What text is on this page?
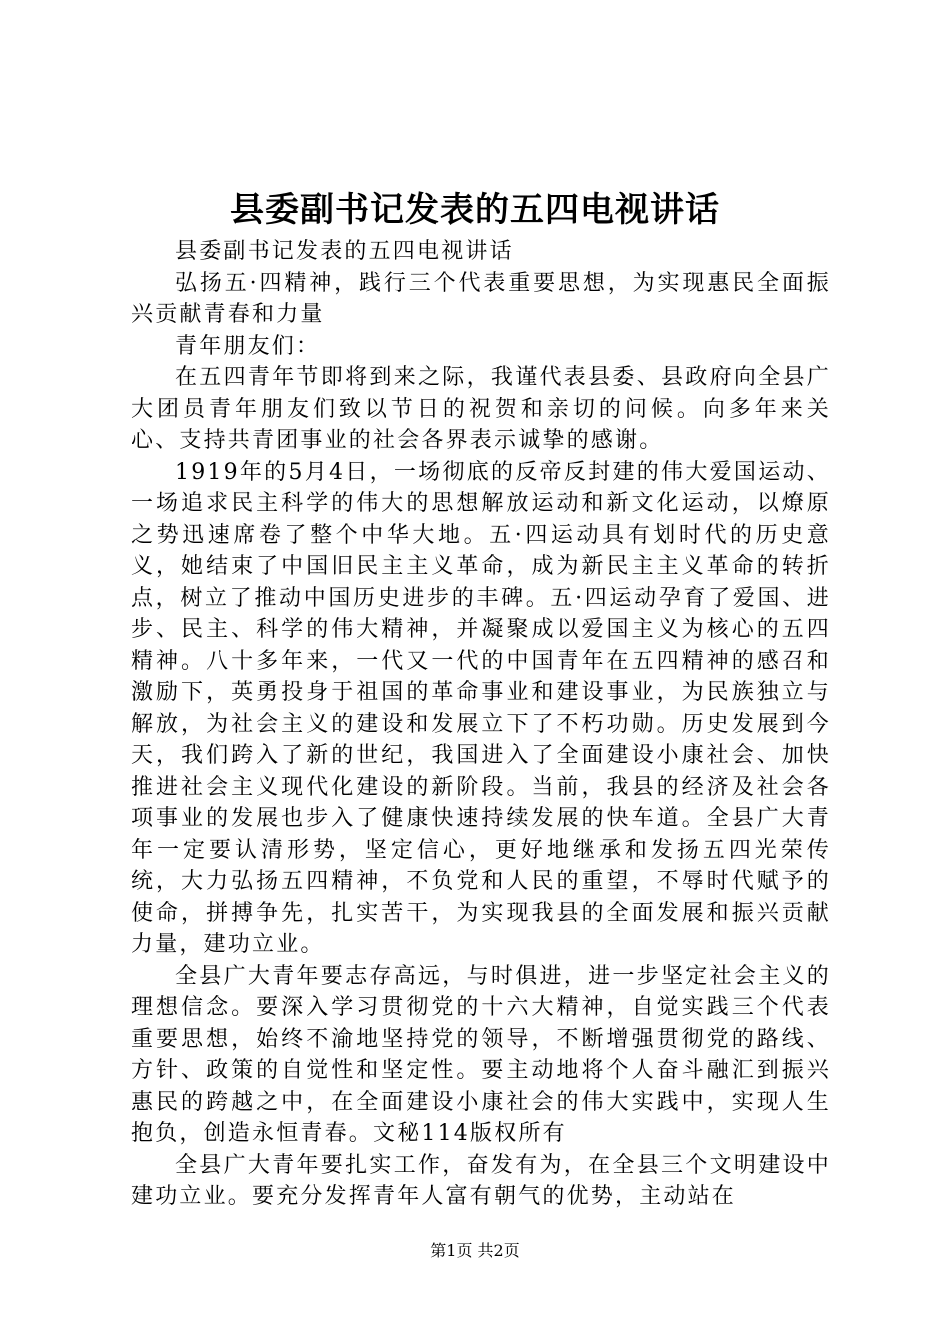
县委副书记发表的五四电视讲话

县委副书记发表的五四电视讲话

弘扬五·四精神，践行三个代表重要思想，为实现惠民全面振兴贡献青春和力量

青年朋友们：

在五四青年节即将到来之际，我谨代表县委、县政府向全县广大团员青年朋友们致以节日的祝贺和亲切的问候。向多年来关心、支持共青团事业的社会各界表示诚挚的感谢。

1919年的5月4日，一场彻底的反帝反封建的伟大爱国运动、一场追求民主科学的伟大的思想解放运动和新文化运动，以燎原之势迅速席卷了整个中华大地。五·四运动具有划时代的历史意义，她结束了中国旧民主主义革命，成为新民主主义革命的转折点，树立了推动中国历史进步的丰碑。五·四运动孕育了爱国、进步、民主、科学的伟大精神，并凝聚成以爱国主义为核心的五四精神。八十多年来，一代又一代的中国青年在五四精神的感召和激励下，英勇投身于祖国的革命事业和建设事业，为民族独立与解放，为社会主义的建设和发展立下了不朽功勋。历史发展到今天，我们跨入了新的世纪，我国进入了全面建设小康社会、加快推进社会主义现代化建设的新阶段。当前，我县的经济及社会各项事业的发展也步入了健康快速持续发展的快车道。全县广大青年一定要认清形势，坚定信心，更好地继承和发扬五四光荣传统，大力弘扬五四精神，不负党和人民的重望，不辱时代赋予的使命，拼搏争先，扎实苦干，为实现我县的全面发展和振兴贡献力量，建功立业。

全县广大青年要志存高远，与时俱进，进一步坚定社会主义的理想信念。要深入学习贯彻党的十六大精神，自觉实践三个代表重要思想，始终不渝地坚持党的领导，不断增强贯彻党的路线、方针、政策的自觉性和坚定性。要主动地将个人奋斗融汇到振兴惠民的跨越之中，在全面建设小康社会的伟大实践中，实现人生抱负，创造永恒青春。文秘114版权所有

全县广大青年要扎实工作，奋发有为，在全县三个文明建设中建功立业。要充分发挥青年人富有朝气的优势，主动站在

第1页 共2页
